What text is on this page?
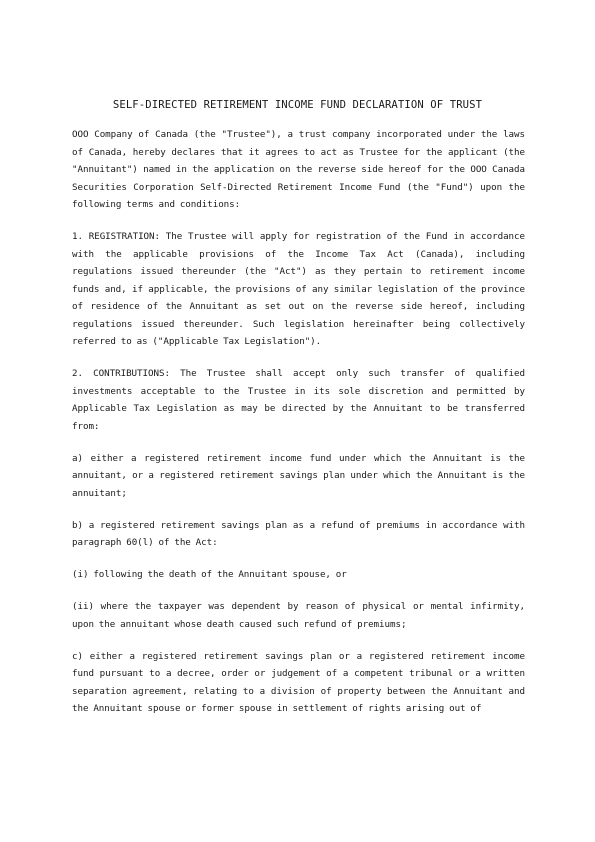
SELF-DIRECTED RETIREMENT INCOME FUND DECLARATION OF TRUST

OOO Company of Canada (the "Trustee"), a trust company incorporated under the laws of Canada, hereby declares that it agrees to act as Trustee for the applicant (the "Annuitant") named in the application on the reverse side hereof for the OOO Canada Securities Corporation Self-Directed Retirement Income Fund (the "Fund") upon the following terms and conditions:

1. REGISTRATION: The Trustee will apply for registration of the Fund in accordance with the applicable provisions of the Income Tax Act (Canada), including regulations issued thereunder (the "Act") as they pertain to retirement income funds and, if applicable, the provisions of any similar legislation of the province of residence of the Annuitant as set out on the reverse side hereof, including regulations issued thereunder. Such legislation hereinafter being collectively referred to as ("Applicable Tax Legislation").

2. CONTRIBUTIONS: The Trustee shall accept only such transfer of qualified investments acceptable to the Trustee in its sole discretion and permitted by Applicable Tax Legislation as may be directed by the Annuitant to be transferred from:

a) either a registered retirement income fund under which the Annuitant is the annuitant, or a registered retirement savings plan under which the Annuitant is the annuitant;

b) a registered retirement savings plan as a refund of premiums in accordance with paragraph 60(l) of the Act:

(i) following the death of the Annuitant spouse, or

(ii) where the taxpayer was dependent by reason of physical or mental infirmity, upon the annuitant whose death caused such refund of premiums;

c) either a registered retirement savings plan or a registered retirement income fund pursuant to a decree, order or judgement of a competent tribunal or a written separation agreement, relating to a division of property between the Annuitant and the Annuitant spouse or former spouse in settlement of rights arising out of
